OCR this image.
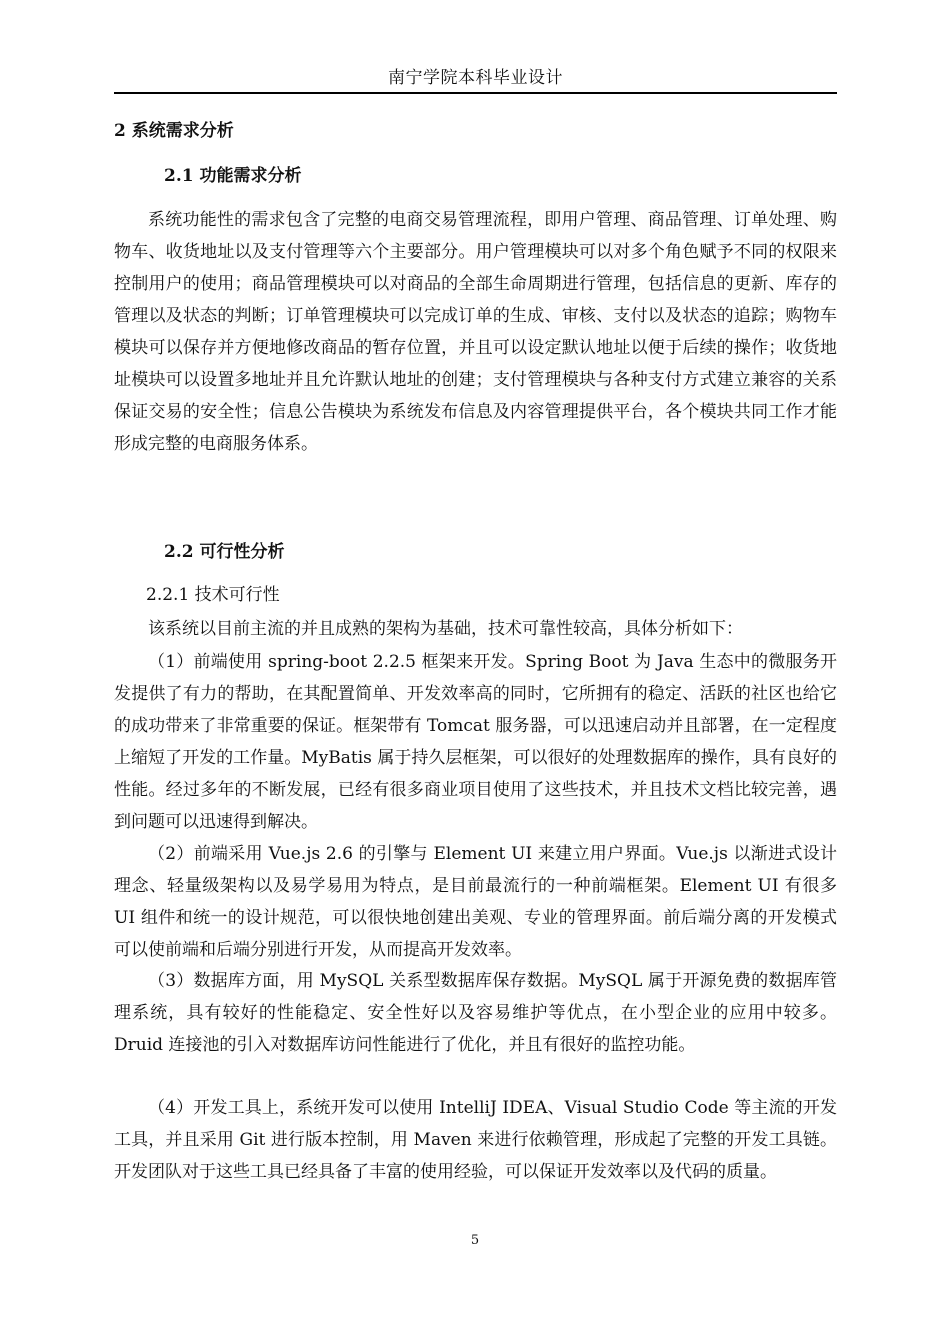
南宁学院本科毕业设计
2 系统需求分析
2.1 功能需求分析

系统功能性的需求包含了完整的电商交易管理流程，即用户管理、商品管理、订单处理、购物车、收货地址以及支付管理等六个主要部分。用户管理模块可以对多个角色赋予不同的权限来控制用户的使用；商品管理模块可以对商品的全部生命周期进行管理，包括信息的更新、库存的管理以及状态的判断；订单管理模块可以完成订单的生成、审核、支付以及状态的追踪；购物车模块可以保存并方便地修改商品的暂存位置，并且可以设定默认地址以便于后续的操作；收货地址模块可以设置多地址并且允许默认地址的创建；支付管理模块与各种支付方式建立兼容的关系保证交易的安全性；信息公告模块为系统发布信息及内容管理提供平台，各个模块共同工作才能形成完整的电商服务体系。

2.2 可行性分析
2.2.1 技术可行性

该系统以目前主流的并且成熟的架构为基础，技术可靠性较高，具体分析如下：

（1）前端使用 spring-boot 2.2.5 框架来开发。Spring Boot 为 Java 生态中的微服务开发提供了有力的帮助，在其配置简单、开发效率高的同时，它所拥有的稳定、活跃的社区也给它的成功带来了非常重要的保证。框架带有 Tomcat 服务器，可以迅速启动并且部署，在一定程度上缩短了开发的工作量。MyBatis 属于持久层框架，可以很好的处理数据库的操作，具有良好的性能。经过多年的不断发展，已经有很多商业项目使用了这些技术，并且技术文档比较完善，遇到问题可以迅速得到解决。

（2）前端采用 Vue.js 2.6 的引擎与 Element UI 来建立用户界面。Vue.js 以渐进式设计理念、轻量级架构以及易学易用为特点，是目前最流行的一种前端框架。Element UI 有很多 UI 组件和统一的设计规范，可以很快地创建出美观、专业的管理界面。前后端分离的开发模式可以使前端和后端分别进行开发，从而提高开发效率。

（3）数据库方面，用 MySQL 关系型数据库保存数据。MySQL 属于开源免费的数据库管理系统，具有较好的性能稳定、安全性好以及容易维护等优点，在小型企业的应用中较多。Druid 连接池的引入对数据库访问性能进行了优化，并且有很好的监控功能。

（4）开发工具上，系统开发可以使用 IntelliJ IDEA、Visual Studio Code 等主流的开发工具，并且采用 Git 进行版本控制，用 Maven 来进行依赖管理，形成起了完整的开发工具链。开发团队对于这些工具已经具备了丰富的使用经验，可以保证开发效率以及代码的质量。

5
